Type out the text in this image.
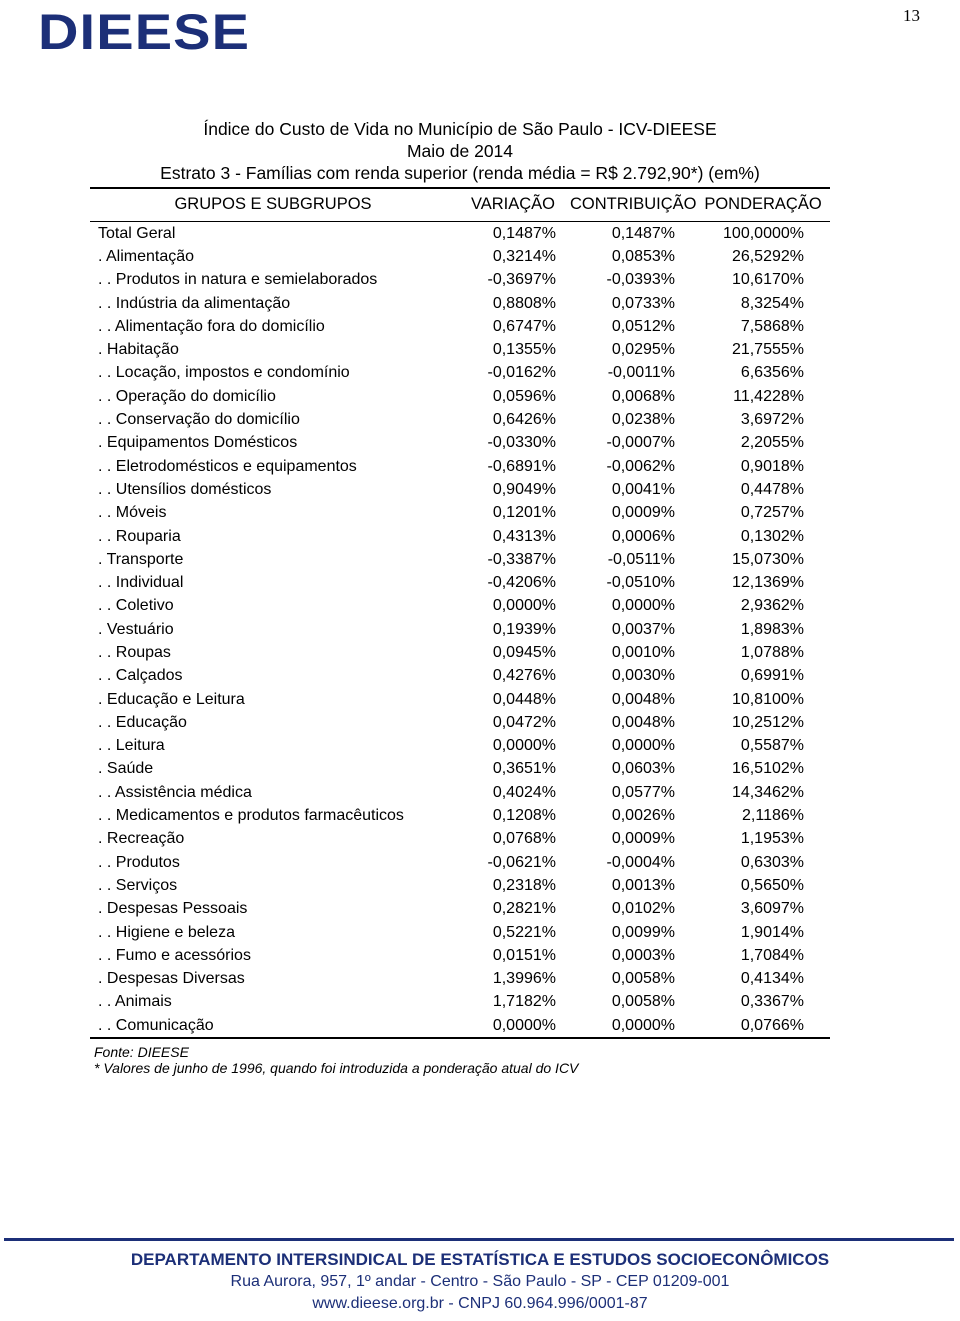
13
DIEESE
Índice do Custo de Vida no Município de São Paulo - ICV-DIEESE
Maio de 2014
Estrato 3 - Famílias com renda superior (renda média = R$ 2.792,90*) (em%)
GRUPOS E SUBGRUPOS	VARIAÇÃO CONTRIBUIÇÃO PONDERAÇÃO
Total Geral	0,1487%	0,1487%	100,0000%
. Alimentação	0,3214%	0,0853%	26,5292%
. . Produtos in natura e semielaborados	-0,3697%	-0,0393%	10,6170%
. . Indústria da alimentação	0,8808%	0,0733%	8,3254%
. . Alimentação fora do domicílio	0,6747%	0,0512%	7,5868%
. Habitação	0,1355%	0,0295%	21,7555%
. . Locação, impostos e condomínio	-0,0162%	-0,0011%	6,6356%
. . Operação do domicílio	0,0596%	0,0068%	11,4228%
. . Conservação do domicílio	0,6426%	0,0238%	3,6972%
. Equipamentos Domésticos	-0,0330%	-0,0007%	2,2055%
. . Eletrodomésticos e equipamentos	-0,6891%	-0,0062%	0,9018%
. . Utensílios domésticos	0,9049%	0,0041%	0,4478%
. . Móveis	0,1201%	0,0009%	0,7257%
. . Rouparia	0,4313%	0,0006%	0,1302%
. Transporte	-0,3387%	-0,0511%	15,0730%
. . Individual	-0,4206%	-0,0510%	12,1369%
. . Coletivo	0,0000%	0,0000%	2,9362%
. Vestuário	0,1939%	0,0037%	1,8983%
. . Roupas	0,0945%	0,0010%	1,0788%
. . Calçados	0,4276%	0,0030%	0,6991%
. Educação e Leitura	0,0448%	0,0048%	10,8100%
. . Educação	0,0472%	0,0048%	10,2512%
. . Leitura	0,0000%	0,0000%	0,5587%
. Saúde	0,3651%	0,0603%	16,5102%
. . Assistência médica	0,4024%	0,0577%	14,3462%
. . Medicamentos e produtos farmacêuticos	0,1208%	0,0026%	2,1186%
. Recreação	0,0768%	0,0009%	1,1953%
. . Produtos	-0,0621%	-0,0004%	0,6303%
. . Serviços	0,2318%	0,0013%	0,5650%
. Despesas Pessoais	0,2821%	0,0102%	3,6097%
. . Higiene e beleza	0,5221%	0,0099%	1,9014%
. . Fumo e acessórios	0,0151%	0,0003%	1,7084%
. Despesas Diversas	1,3996%	0,0058%	0,4134%
. . Animais	1,7182%	0,0058%	0,3367%
. . Comunicação	0,0000%	0,0000%	0,0766%
Fonte: DIEESE
* Valores de junho de 1996, quando foi introduzida a ponderação atual do ICV
DEPARTAMENTO INTERSINDICAL DE ESTATÍSTICA E ESTUDOS SOCIOECONÔMICOS
Rua Aurora, 957, 1º andar - Centro - São Paulo - SP - CEP 01209-001
www.dieese.org.br - CNPJ 60.964.996/0001-87
